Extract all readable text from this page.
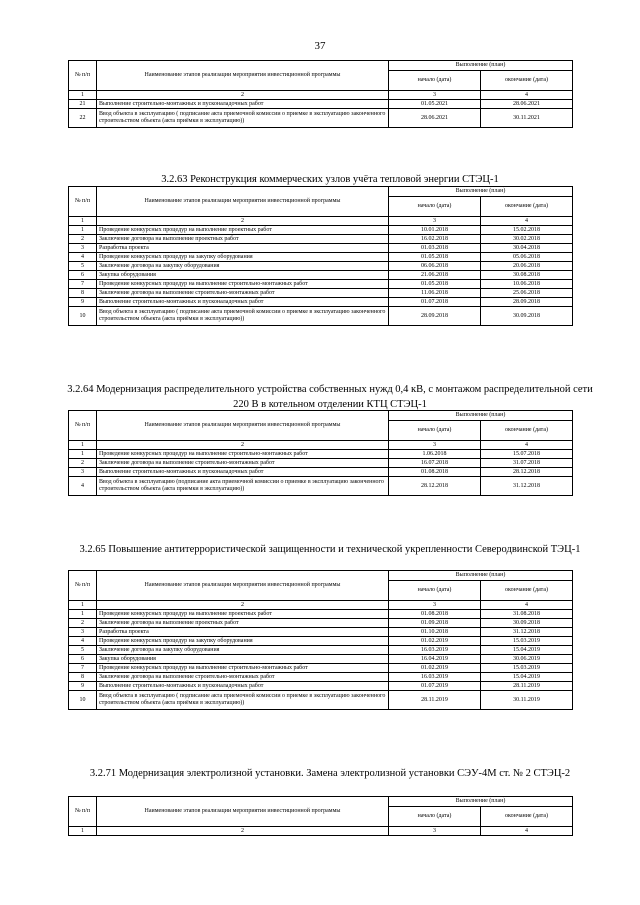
37
№ п/п	Наименование этапов реализации мероприятия инвестиционной программы	Выполнение (план)	
		начало (дата)	окончание (дата)
1	2	3	4
21	Выполнение строительно-монтажных и пусконаладочных работ	01.05.2021	28.06.2021
22	Ввод объекта в эксплуатацию ( подписание акта приемочной комиссии о приемке в эксплуатацию законченного строительством объекта (акта приёмки в эксплуатацию))	28.06.2021	30.11.2021
3.2.63 Реконструкция коммерческих узлов учёта тепловой энергии СТЭЦ-1
№ п/п	Наименование этапов реализации мероприятия инвестиционной программы	Выполнение (план)	
		начало (дата)	окончание (дата)
1	2	3	4
1	Проведение конкурсных процедур на выполнение проектных работ	10.01.2018	15.02.2018
2	Заключение договора на выполнение проектных работ	16.02.2018	30.02.2018
3	Разработка проекта	01.03.2018	30.04.2018
4	Проведение конкурсных процедур на закупку оборудования	01.05.2018	05.06.2018
5	Заключение договора на закупку оборудования	06.06.2018	20.06.2018
6	Закупка оборудования	21.06.2018	30.08.2018
7	Проведение конкурсных процедур на выполнение строительно-монтажных работ	01.05.2018	10.06.2018
8	Заключение договора на выполнение строительно-монтажных работ	11.06.2018	25.06.2018
9	Выполнение строительно-монтажных и пусконаладочных работ	01.07.2018	28.09.2018
10	Ввод объекта в эксплуатацию ( подписание акта приемочной комиссии о приемке в эксплуатацию законченного строительством объекта (акта приёмки в эксплуатацию))	28.09.2018	30.09.2018
3.2.64 Модернизация распределительного устройства собственных нужд 0,4 кВ, с монтажом распределительной сети 220 В в котельном отделении КТЦ СТЭЦ-1
№ п/п	Наименование этапов реализации мероприятия инвестиционной программы	Выполнение (план)	
		начало (дата)	окончание (дата)
1	2	3	4
1	Проведение конкурсных процедур на выполнение строительно-монтажных работ	1.06.2018	15.07.2018
2	Заключение договора на выполнение строительно-монтажных работ	16.07.2018	31.07.2018
3	Выполнение строительно-монтажных и пусконаладочных работ	01.08.2018	28.12.2018
4	Ввод объекта в эксплуатацию (подписание акта приемочной комиссии о приемке в эксплуатацию законченного строительством объекта (акта приемки в эксплуатацию))	28.12.2018	31.12.2018
3.2.65 Повышение антитеррористической защищенности и технической укрепленности Северодвинской ТЭЦ-1
№ п/п	Наименование этапов реализации мероприятия инвестиционной программы	Выполнение (план)	
		начало (дата)	окончание (дата)
1	2	3	4
1	Проведение конкурсных процедур на выполнение проектных работ	01.08.2018	31.08.2018
2	Заключение договора на выполнение проектных работ	01.09.2018	30.09.2018
3	Разработка проекта	01.10.2018	31.12.2018
4	Проведение конкурсных процедур на закупку оборудования	01.02.2019	15.03.2019
5	Заключение договора на закупку оборудования	16.03.2019	15.04.2019
6	Закупка оборудования	16.04.2019	30.06.2019
7	Проведение конкурсных процедур на выполнение строительно-монтажных работ	01.02.2019	15.03.2019
8	Заключение договора на выполнение строительно-монтажных работ	16.03.2019	15.04.2019
9	Выполнение строительно-монтажных и пусконаладочных работ	01.07.2019	28.11.2019
10	Ввод объекта в эксплуатацию ( подписание акта приемочной комиссии о приемке в эксплуатацию законченного строительством объекта (акта приёмки в эксплуатацию))	28.11.2019	30.11.2019
3.2.71 Модернизация электролизной установки. Замена электролизной установки СЭУ-4М ст. № 2 СТЭЦ-2
№ п/п	Наименование этапов реализации мероприятия инвестиционной программы	Выполнение (план)	
		начало (дата)	окончание (дата)
1	2	3	4
